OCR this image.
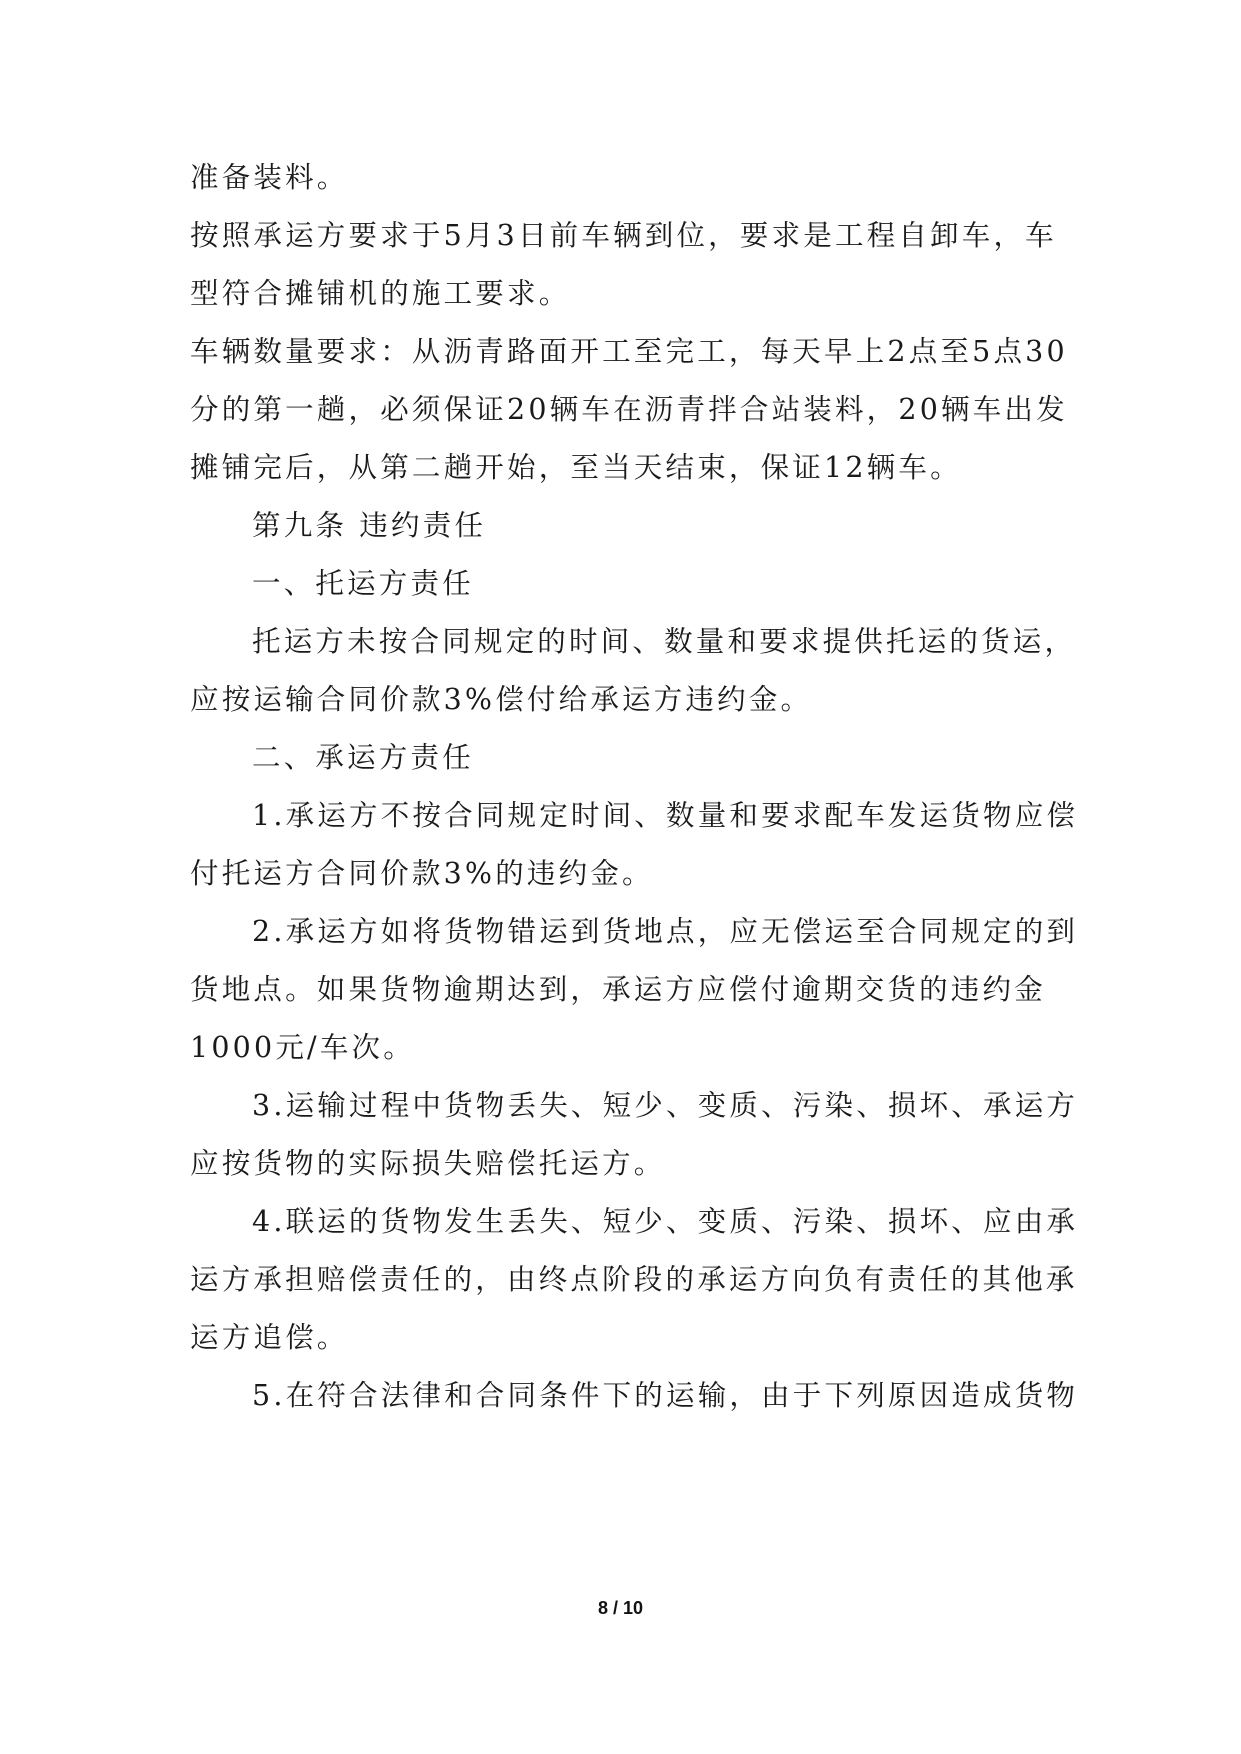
准备装料。
按照承运方要求于5月3日前车辆到位，要求是工程自卸车，车
型符合摊铺机的施工要求。
车辆数量要求：从沥青路面开工至完工，每天早上2点至5点30
分的第一趟，必须保证20辆车在沥青拌合站装料，20辆车出发
摊铺完后，从第二趟开始，至当天结束，保证12辆车。
第九条 违约责任
一、托运方责任
托运方未按合同规定的时间、数量和要求提供托运的货运，
应按运输合同价款3%偿付给承运方违约金。
二、承运方责任
1.承运方不按合同规定时间、数量和要求配车发运货物应偿
付托运方合同价款3%的违约金。
2.承运方如将货物错运到货地点，应无偿运至合同规定的到
货地点。如果货物逾期达到，承运方应偿付逾期交货的违约金
1000元/车次。
3.运输过程中货物丢失、短少、变质、污染、损坏、承运方
应按货物的实际损失赔偿托运方。
4.联运的货物发生丢失、短少、变质、污染、损坏、应由承
运方承担赔偿责任的，由终点阶段的承运方向负有责任的其他承
运方追偿。
5.在符合法律和合同条件下的运输，由于下列原因造成货物
8 / 10
